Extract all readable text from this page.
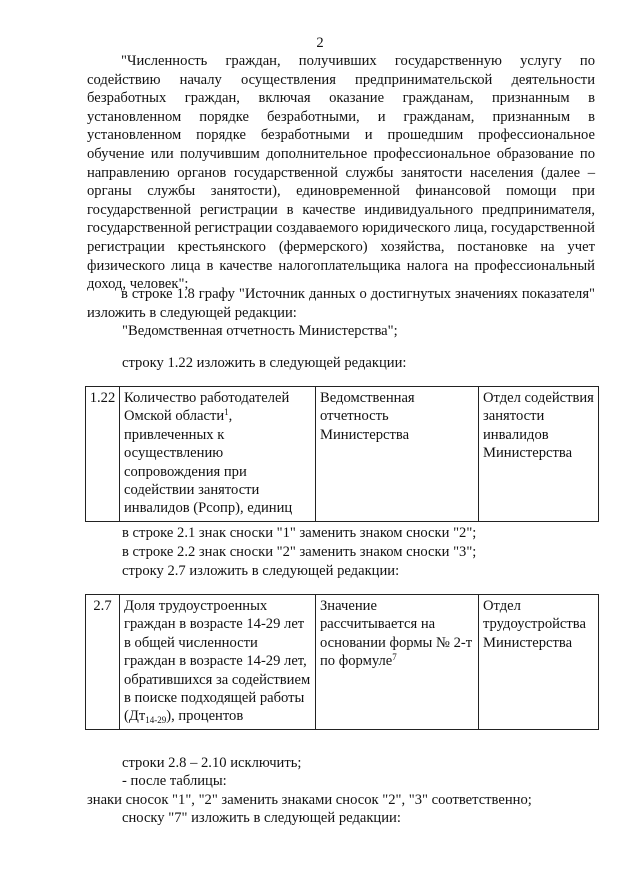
2
"Численность граждан, получивших государственную услугу по содействию началу осуществления предпринимательской деятельности безработных граждан, включая оказание гражданам, признанным в установленном порядке безработными, и гражданам, признанным в установленном порядке безработными и прошедшим профессиональное обучение или получившим дополнительное профессиональное образование по направлению органов государственной службы занятости населения (далее – органы службы занятости), единовременной финансовой помощи при государственной регистрации в качестве индивидуального предпринимателя, государственной регистрации создаваемого юридического лица, государственной регистрации крестьянского (фермерского) хозяйства, постановке на учет физического лица в качестве налогоплательщика налога на профессиональный доход, человек";
в строке 1.8 графу "Источник данных о достигнутых значениях показателя" изложить в следующей редакции:
"Ведомственная отчетность Министерства";
строку 1.22 изложить в следующей редакции:
1.22	Количество работодателей Омской области$^1$, привлеченных к осуществлению сопровождения при содействии занятости инвалидов (Рсопр), единиц	Ведомственная отчетность Министерства	Отдел содействия занятости инвалидов Министерства
в строке 2.1 знак сноски "1" заменить знаком сноски "2";
в строке 2.2 знак сноски "2" заменить знаком сноски "3";
строку 2.7 изложить в следующей редакции:
2.7	Доля трудоустроенных граждан в возрасте 14-29 лет в общей численности граждан в возрасте 14-29 лет, обратившихся за содействием в поиске подходящей работы $(Дт_{14-29})$, процентов	Значение рассчитывается на основании формы № 2-т по формуле$^7$	Отдел трудоустройства Министерства
строки 2.8 – 2.10 исключить;
- после таблицы:
знаки сносок "1", "2" заменить знаками сносок "2", "3" соответственно;
сноску "7" изложить в следующей редакции:
